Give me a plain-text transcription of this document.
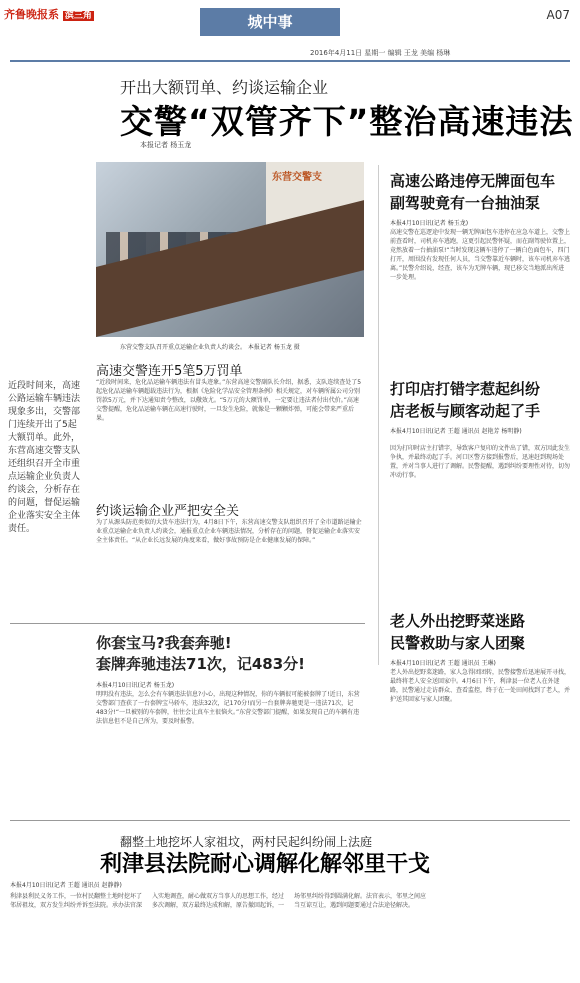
齐鲁晚报系 滨三角	城中事	A07
2016年4月11日 星期一 编辑 王龙 美编 杨琳
开出大额罚单、约谈运输企业
交警“双管齐下”整治高速违法
本报记者 杨玉龙
东营交警支
东营交警支队召开重点运输企业负责人约谈会。 本报记者 杨玉龙 摄
近段时间来，高速公路运输车辆违法现象多出，交警部门连续开出了5起大额罚单。此外，东营高速交警支队还组织召开全市重点运输企业负责人约谈会，分析存在的问题，督促运输企业落实安全主体责任。
高速交警连开5笔5万罚单
“近段时间来，危化品运输车辆违法有冒头迹象。”东营高速交警副队长介绍，据悉，支队连续查处了5起危化品运输车辆超载违法行为，根据《危险化学品安全管理条例》相关规定，对车辆所属公司分别罚款5万元，并下达通知责令整改，以儆效尤。“5万元的大额罚单，一定要让违法者付出代价。”高速交警提醒，危化品运输车辆在高速行驶时，一旦发生危险，就像是一颗颗炸弹，可能会带来严重后果。
约谈运输企业严把安全关
为了从源头防范类似的大货车违法行为，4月8日下午，东营高速交警支队组织召开了全市道路运输企业重点运输企业负责人约谈会，通报重点企业车辆违法情况，分析存在的问题，督促运输企业落实安全主体责任。“从企业长远发展的角度来看，做好事故预防是企业健康发展的保障。”
你套宝马?我套奔驰!
套牌奔驰违法71次，记483分!
本报4月10日讯(记者 杨玉龙)
明明没有违法，怎么会有车辆违法信息?小心，出现这种情况，你的车辆很可能被套牌了!近日，东营交警部门查获了一台套牌宝马轿车，违法32次，记170分!而另一台套牌奔驰更是一违法71次，记483分!“一旦被别的车套牌，往往会让真车主很恼火。”东营交警部门提醒，如果发现自己的车辆有违法信息但不是自己所为，要及时报警。
高速公路违停无牌面包车
副驾驶竟有一台抽油泵
本报4月10日讯(记者 杨玉龙)
高速交警在巡逻途中发现一辆无牌面包车违停在应急车道上，交警上前查看时，司机弃车逃跑，这更引起民警怀疑，而在副驾驶位置上，竟然放着一台抽油泵!“当时发现这辆车违停了一辆白色面包车，四门打开，周围没有发现任何人员，当交警靠近车辆时，该车司机弃车逃离。”民警介绍说，经查，该车为无牌车辆，现已移交当地派出所进一步处理。
打印店打错字惹起纠纷
店老板与顾客动起了手
本报4月10日讯(记者 王超 通讯员 赵艳芳 杨明静)
因为打印时店主打错字，导致客户复印的文件出了错，双方因此发生争执，并最终动起了手。河口区警方接到报警后，迅速赶到现场处置，并对当事人进行了调解。民警提醒，遇到纠纷要理性对待，切勿冲动行事。
老人外出挖野菜迷路
民警救助与家人团聚
本报4月10日讯(记者 王超 通讯员 王琳)
老人外出挖野菜迷路，家人急得团团转，民警接警后迅速展开寻找，最终将老人安全送回家中。4月6日下午，利津县一位老人在外迷路，民警通过走访群众、查看监控，终于在一处田间找到了老人，并护送其回家与家人团聚。
翻整土地挖坏人家祖坟，两村民起纠纷闹上法庭
利津县法院耐心调解化解邻里干戈
本报4月10日讯(记者 王超 通讯员 赵静静)
利津县利民义务工作，一位村民翻整土地时挖坏了邻居祖坟，双方发生纠纷并诉至法院。承办法官深入实地调查，耐心做双方当事人的思想工作，经过多次调解，双方最终达成和解，原告撤回起诉，一场邻里纠纷得到圆满化解。法官表示，邻里之间应当互谅互让，遇到问题要通过合法途径解决。
